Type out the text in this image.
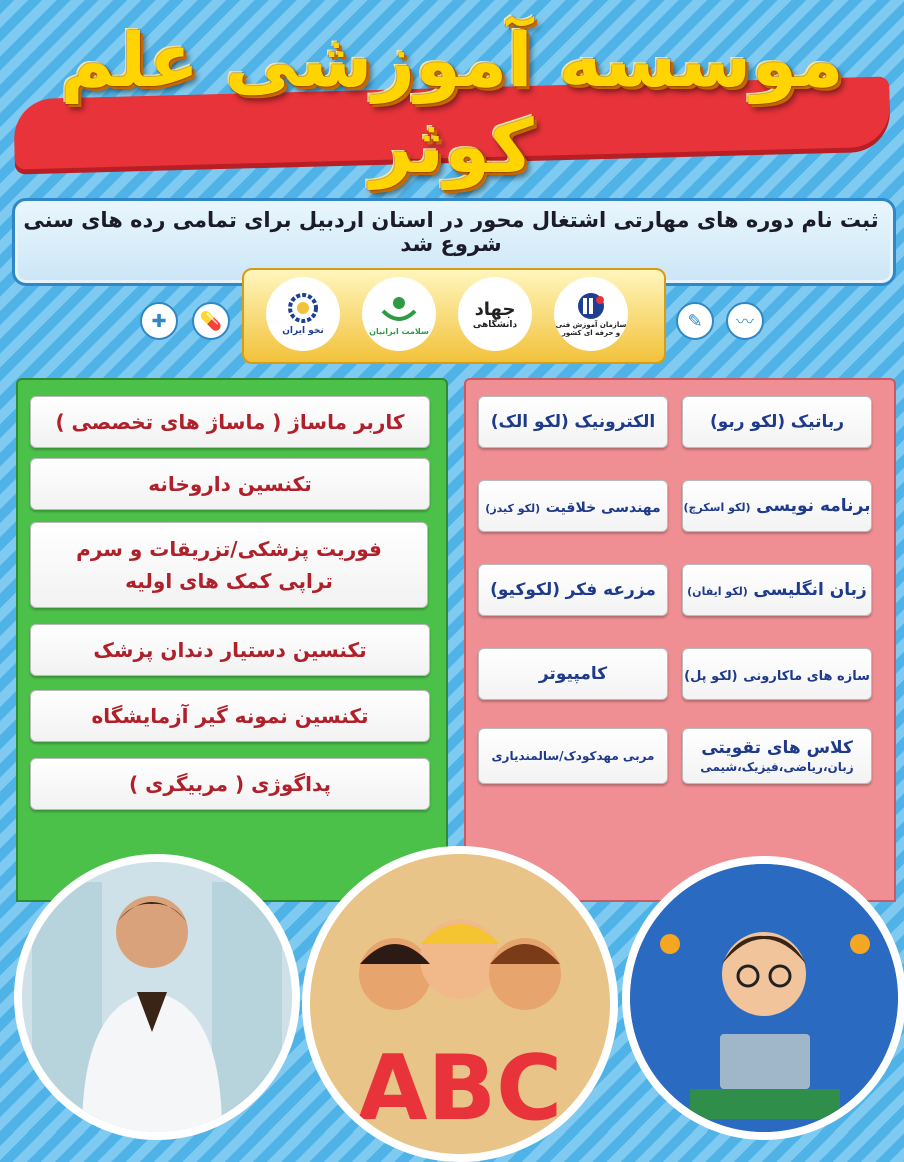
موسسه آموزشی علم کوثر
ثبت نام دوره های مهارتی اشتغال محور در استان اردبیل برای تمامی رده های سنی شروع شد
✚	💊	✎	〰
سازمان آموزش فنی و حرفه ای کشور
جهاد
دانشگاهی
سلامت ایرانیان
نخو ایران
کاربر ماساژ ( ماساژ های تخصصی )
تکنسین داروخانه
فوریت پزشکی/تزریقات و سرم تراپی کمک های اولیه
تکنسین دستیار دندان پزشک
تکنسین نمونه گیر آزمایشگاه
پداگوژی ( مربیگری )
رباتیک (لکو ربو)
الکترونیک (لکو الک)
برنامه نویسی (لکو اسکرچ)
مهندسی خلاقیت (لکو کیدز)
زبان انگلیسی (لکو ایفان)
مزرعه فکر (لکوکیو)
سازه های ماکارونی (لکو پل)
کامپیوتر
کلاس های تقویتی
زبان،ریاضی،فیزیک،شیمی
مربی مهدکودک/سالمندیاری
ABC
